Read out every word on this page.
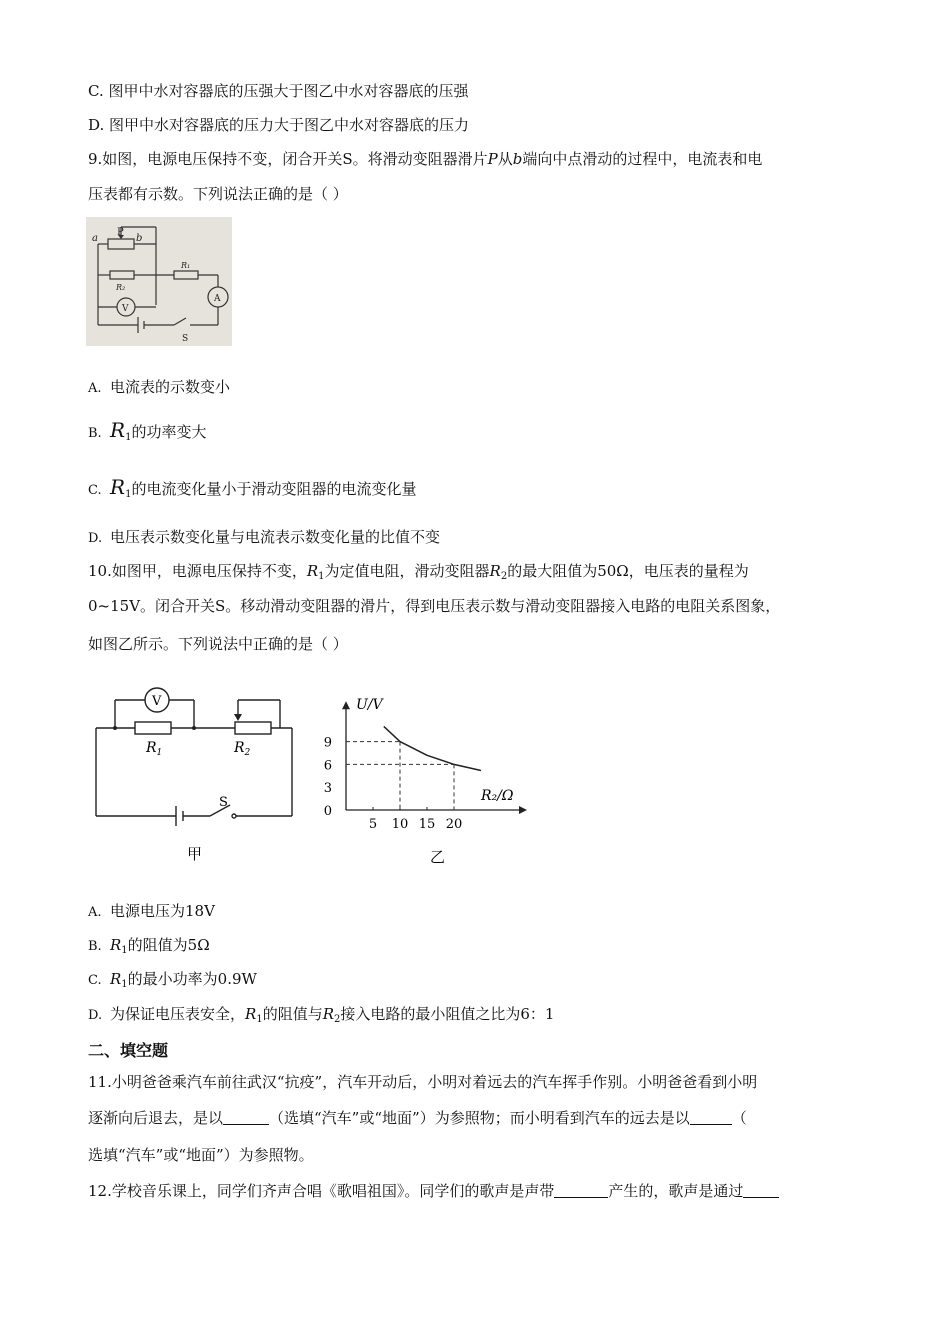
C. 图甲中水对容器底的压强大于图乙中水对容器底的压强
D. 图甲中水对容器底的压力大于图乙中水对容器底的压力
9.如图，电源电压保持不变，闭合开关S。将滑动变阻器滑片P从b端向中点滑动的过程中，电流表和电
压表都有示数。下列说法正确的是（ ）
a
P
b
R₁
R₂
V
A
S
A. 电流表的示数变小
B. $R_1$的功率变大
C. $R_1$的电流变化量小于滑动变阻器的电流变化量
D. 电压表示数变化量与电流表示数变化量的比值不变
10.如图甲，电源电压保持不变，$R_1$为定值电阻，滑动变阻器$R_2$的最大阻值为50Ω，电压表的量程为
0~15V。闭合开关S。移动滑动变阻器的滑片，得到电压表示数与滑动变阻器接入电路的电阻关系图象，
如图乙所示。下列说法中正确的是（ ）
V
$R_1$	$R_2$
S
甲
U/V
R₂/Ω
5 10 15 20
0
3
6
9
乙
A. 电源电压为18V
B. $R_1$的阻值为5Ω
C. $R_1$的最小功率为0.9W
D. 为保证电压表安全，$R_1$的阻值与$R_2$接入电路的最小阻值之比为6：1
二、填空题
11.小明爸爸乘汽车前往武汉“抗疫”，汽车开动后，小明对着远去的汽车挥手作别。小明爸爸看到小明
逐渐向后退去，是以	（选填“汽车”或“地面”）为参照物；而小明看到汽车的远去是以	（
选填“汽车”或“地面”）为参照物。
12.学校音乐课上，同学们齐声合唱《歌唱祖国》。同学们的歌声是声带	产生的，歌声是通过
